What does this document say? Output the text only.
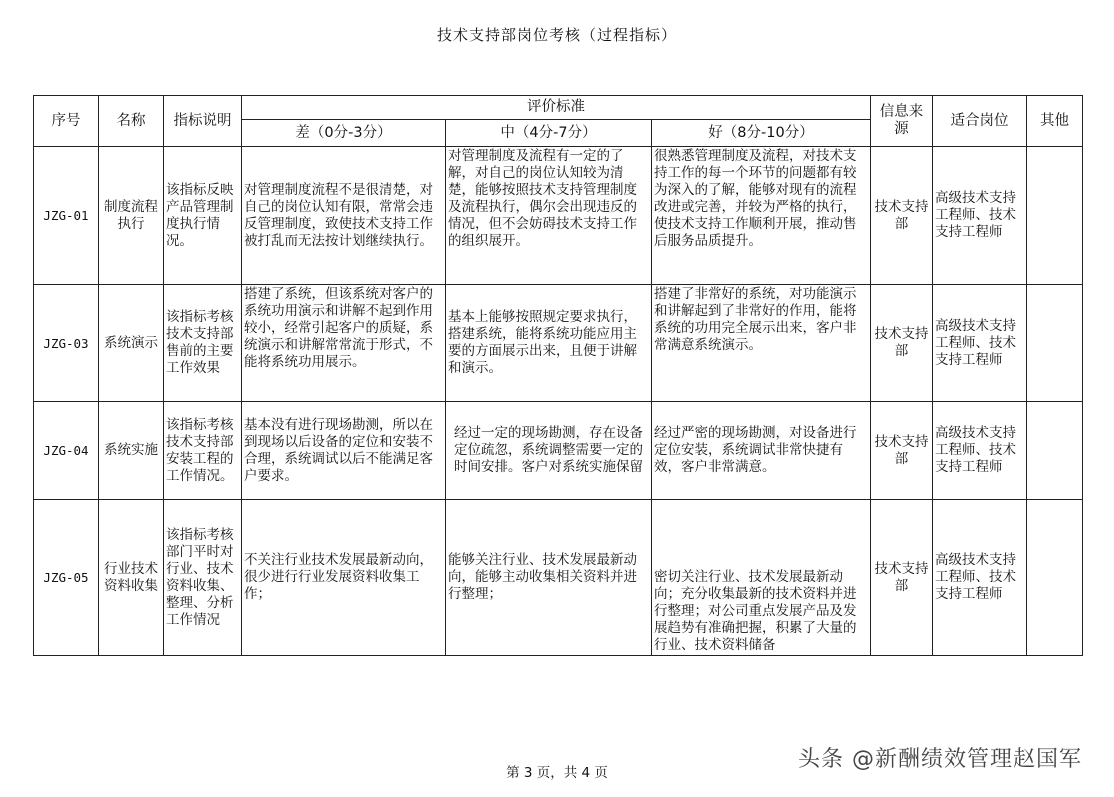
技术支持部岗位考核（过程指标）
序号	名称	指标说明	评价标准			信息来源	适合岗位	其他
			差（0分-3分）	中（4分-7分）	好（8分-10分）			
JZG-01	制度流程执行	该指标反映产品管理制度执行情况。	对管理制度流程不是很清楚，对自己的岗位认知有限，常常会违反管理制度，致使技术支持工作被打乱而无法按计划继续执行。	对管理制度及流程有一定的了解，对自己的岗位认知较为清楚，能够按照技术支持管理制度及流程执行，偶尔会出现违反的情况，但不会妨碍技术支持工作的组织展开。	很熟悉管理制度及流程，对技术支持工作的每一个环节的问题都有较为深入的了解，能够对现有的流程改进或完善，并较为严格的执行，使技术支持工作顺利开展，推动售后服务品质提升。	技术支持部	高级技术支持工程师、技术支持工程师	
JZG-03	系统演示	该指标考核技术支持部售前的主要工作效果	搭建了系统，但该系统对客户的系统功用演示和讲解不起到作用较小，经常引起客户的质疑，系统演示和讲解常常流于形式，不能将系统功用展示。	基本上能够按照规定要求执行，搭建系统，能将系统功能应用主要的方面展示出来，且便于讲解和演示。	搭建了非常好的系统，对功能演示和讲解起到了非常好的作用，能将系统的功用完全展示出来，客户非常满意系统演示。	技术支持部	高级技术支持工程师、技术支持工程师	
JZG-04	系统实施	该指标考核技术支持部安装工程的工作情况。	基本没有进行现场勘测，所以在到现场以后设备的定位和安装不合理，系统调试以后不能满足客户要求。	经过一定的现场勘测，存在设备定位疏忽，系统调整需要一定的时间安排。客户对系统实施保留	经过严密的现场勘测，对设备进行定位安装，系统调试非常快捷有效，客户非常满意。	技术支持部	高级技术支持工程师、技术支持工程师	
JZG-05	行业技术资料收集	该指标考核部门平时对行业、技术资料收集、整理、分析工作情况	不关注行业技术发展最新动向，很少进行行业发展资料收集工作；	能够关注行业、技术发展最新动向，能够主动收集相关资料并进行整理；	密切关注行业、技术发展最新动向；充分收集最新的技术资料并进行整理；对公司重点发展产品及发展趋势有准确把握，积累了大量的行业、技术资料储备	技术支持部	高级技术支持工程师、技术支持工程师	
第 3 页，共 4 页
头条 @新酬绩效管理赵国军
